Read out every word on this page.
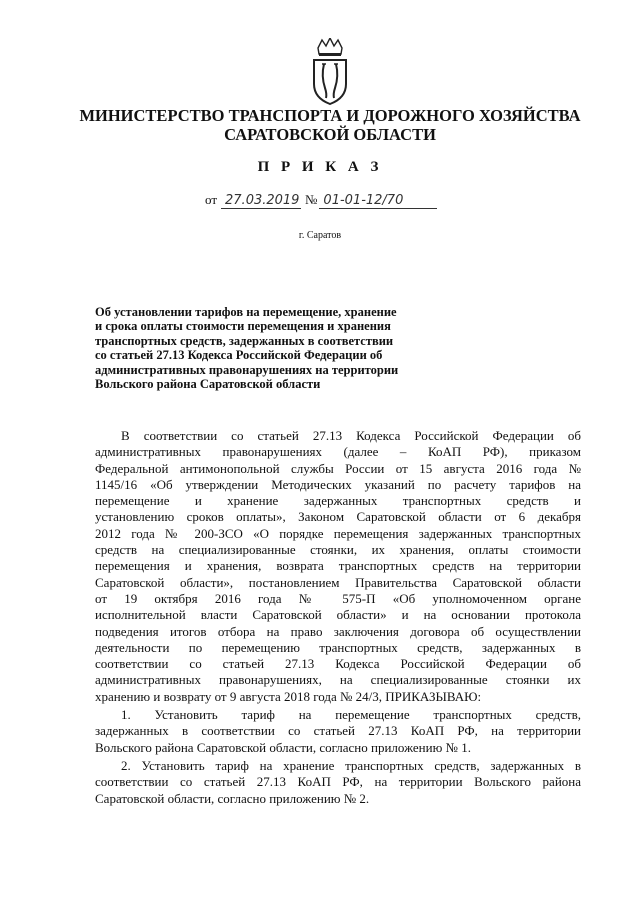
МИНИСТЕРСТВО ТРАНСПОРТА И ДОРОЖНОГО ХОЗЯЙСТВА
САРАТОВСКОЙ ОБЛАСТИ
П Р И К А З
от 27.03.2019 № 01-01-12/70
г. Саратов
Об установлении тарифов на перемещение, хранение
и срока оплаты стоимости перемещения и хранения
транспортных средств, задержанных в соответствии
со статьей 27.13 Кодекса Российской Федерации об
административных правонарушениях на территории
Вольского района Саратовской области
В соответствии со статьей 27.13 Кодекса Российской Федерации об
административных правонарушениях (далее – КоАП РФ), приказом
Федеральной антимонопольной службы России от 15 августа 2016 года №
1145/16 «Об утверждении Методических указаний по расчету тарифов на
перемещение и хранение задержанных транспортных средств и
установлению сроков оплаты», Законом Саратовской области от 6 декабря
2012 года № 200-ЗСО «О порядке перемещения задержанных транспортных
средств на специализированные стоянки, их хранения, оплаты стоимости
перемещения и хранения, возврата транспортных средств на территории
Саратовской области», постановлением Правительства Саратовской области
от 19 октября 2016 года № 575-П «Об уполномоченном органе
исполнительной власти Саратовской области» и на основании протокола
подведения итогов отбора на право заключения договора об осуществлении
деятельности по перемещению транспортных средств, задержанных в
соответствии со статьей 27.13 Кодекса Российской Федерации об
административных правонарушениях, на специализированные стоянки их
хранению и возврату от 9 августа 2018 года № 24/3, ПРИКАЗЫВАЮ:
1. Установить тариф на перемещение транспортных средств,
задержанных в соответствии со статьей 27.13 КоАП РФ, на территории
Вольского района Саратовской области, согласно приложению № 1.
2. Установить тариф на хранение транспортных средств, задержанных в
соответствии со статьей 27.13 КоАП РФ, на территории Вольского района
Саратовской области, согласно приложению № 2.
